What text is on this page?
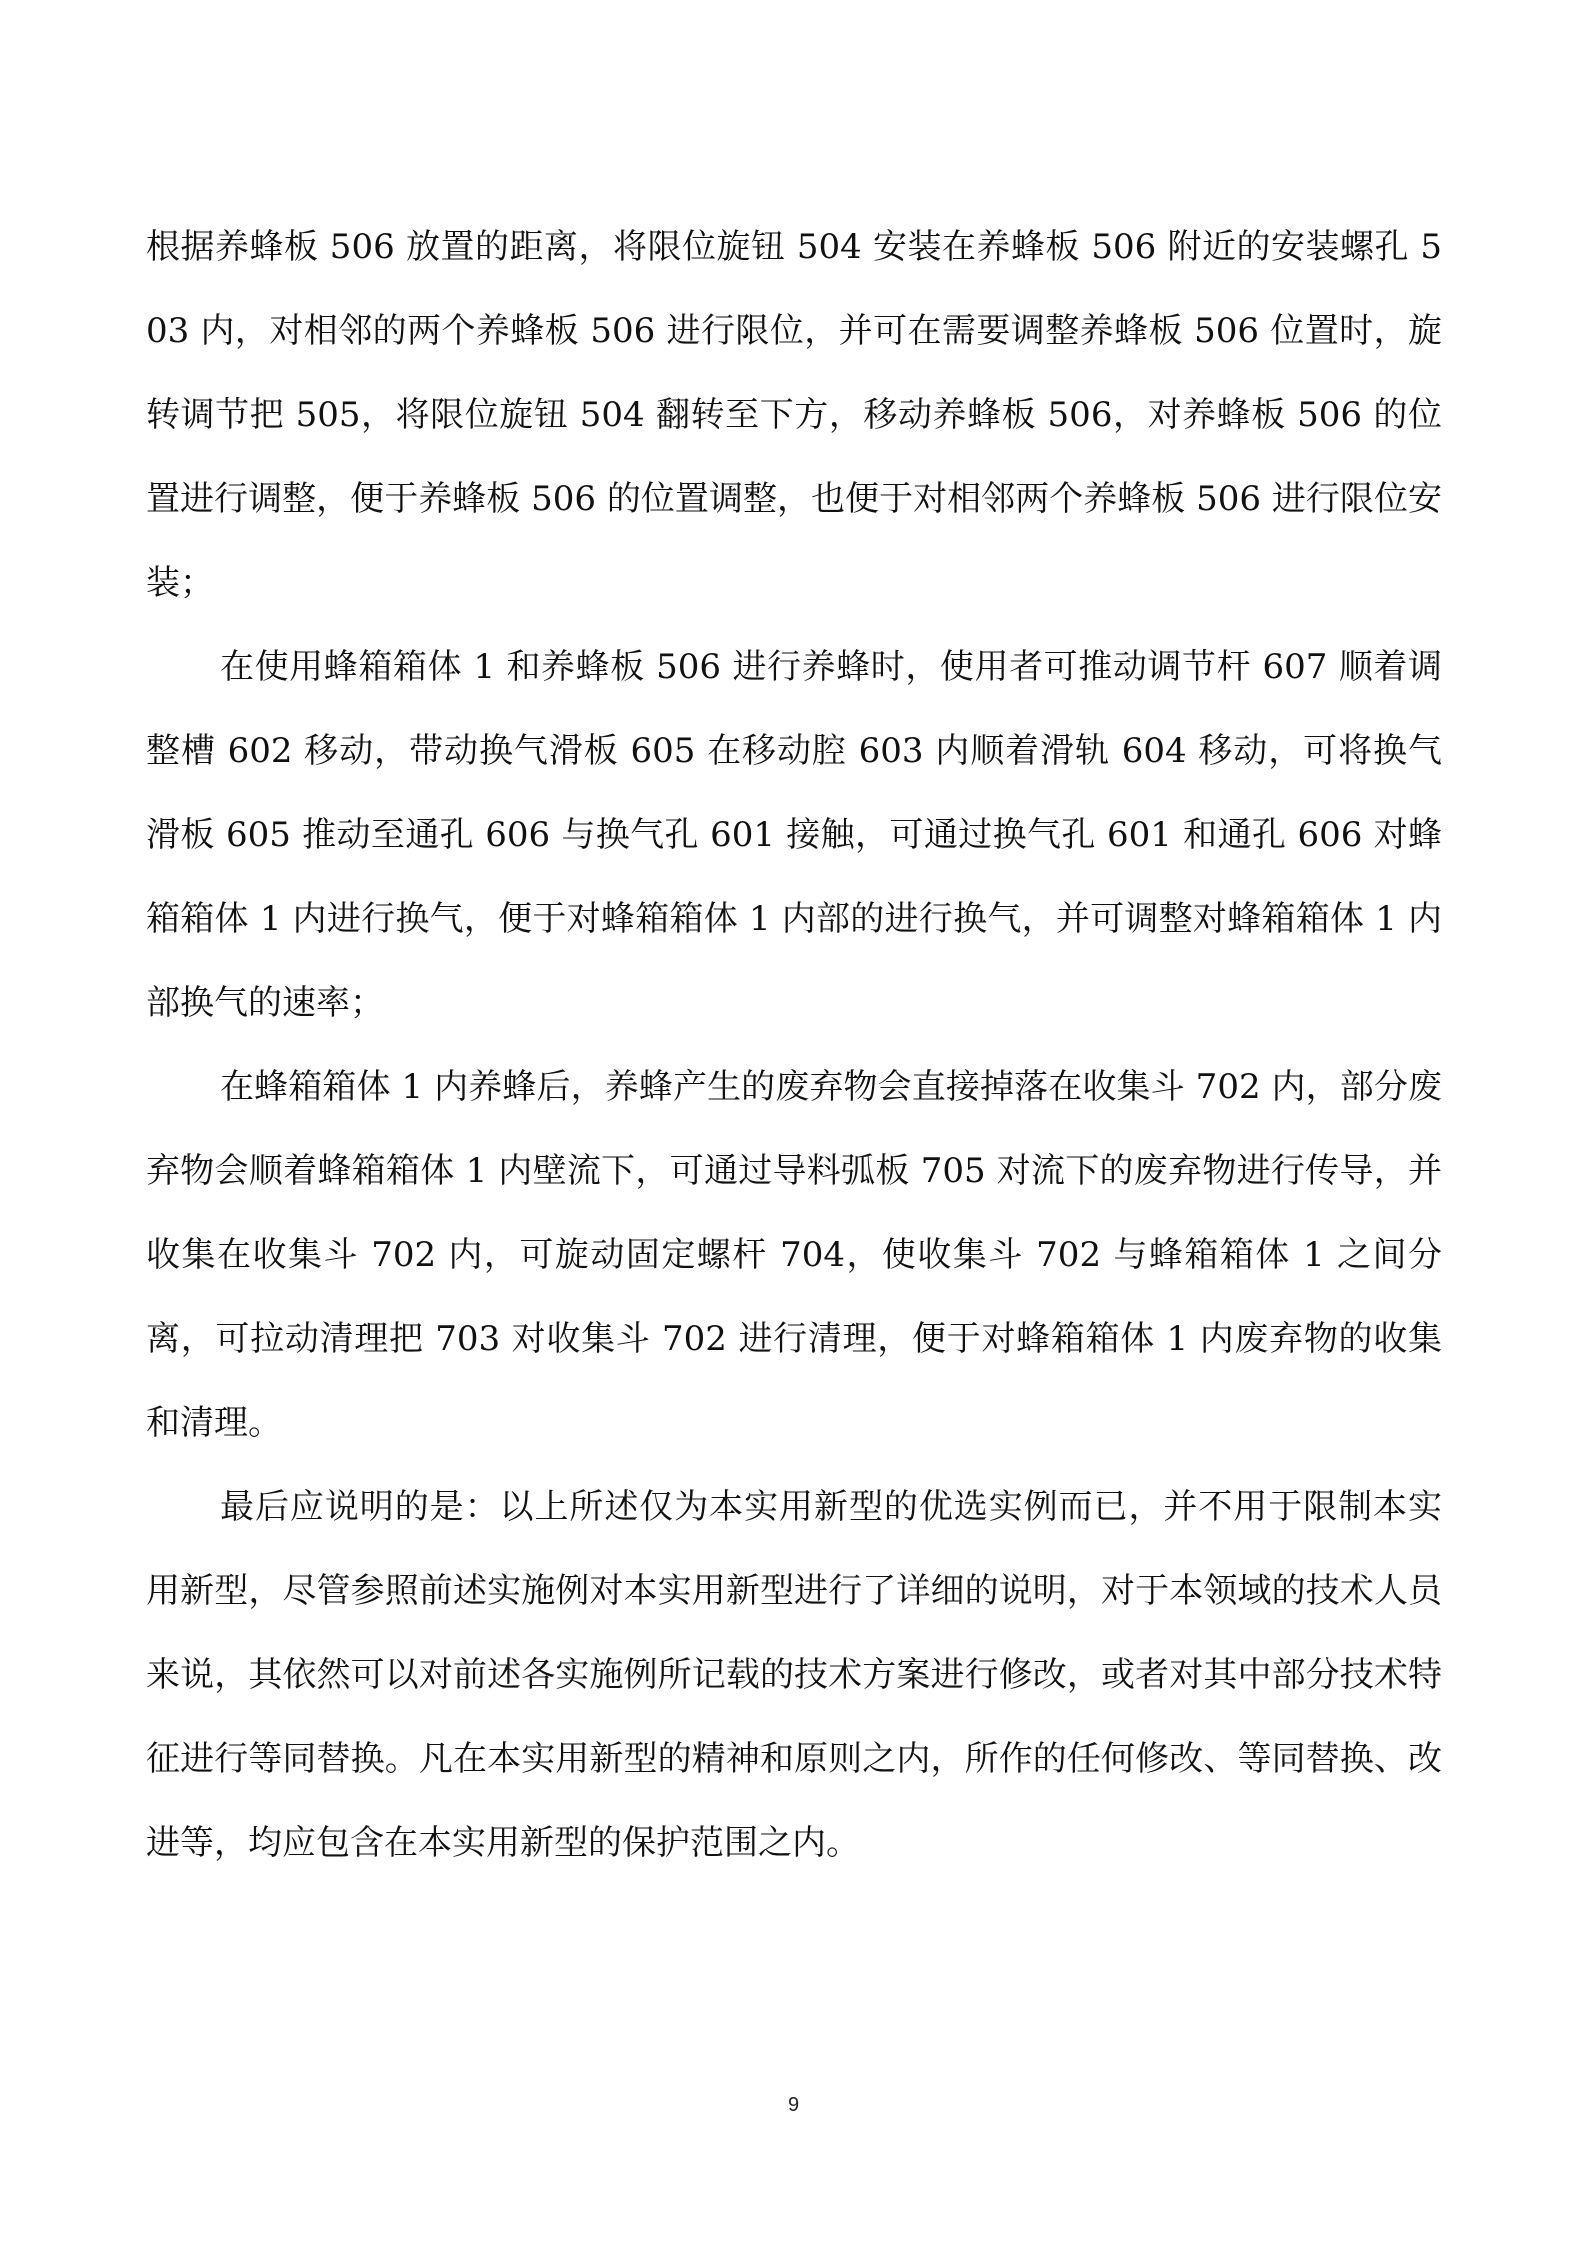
根据养蜂板 506 放置的距离，将限位旋钮 504 安装在养蜂板 506 附近的安装螺孔 503 内，对相邻的两个养蜂板 506 进行限位，并可在需要调整养蜂板 506 位置时，旋转调节把 505，将限位旋钮 504 翻转至下方，移动养蜂板 506，对养蜂板 506 的位置进行调整，便于养蜂板 506 的位置调整，也便于对相邻两个养蜂板 506 进行限位安装；

在使用蜂箱箱体 1 和养蜂板 506 进行养蜂时，使用者可推动调节杆 607 顺着调整槽 602 移动，带动换气滑板 605 在移动腔 603 内顺着滑轨 604 移动，可将换气滑板 605 推动至通孔 606 与换气孔 601 接触，可通过换气孔 601 和通孔 606 对蜂箱箱体 1 内进行换气，便于对蜂箱箱体 1 内部的进行换气，并可调整对蜂箱箱体 1 内部换气的速率；

在蜂箱箱体 1 内养蜂后，养蜂产生的废弃物会直接掉落在收集斗 702 内，部分废弃物会顺着蜂箱箱体 1 内壁流下，可通过导料弧板 705 对流下的废弃物进行传导，并收集在收集斗 702 内，可旋动固定螺杆 704，使收集斗 702 与蜂箱箱体 1 之间分离，可拉动清理把 703 对收集斗 702 进行清理，便于对蜂箱箱体 1 内废弃物的收集和清理。

最后应说明的是：以上所述仅为本实用新型的优选实例而已，并不用于限制本实用新型，尽管参照前述实施例对本实用新型进行了详细的说明，对于本领域的技术人员来说，其依然可以对前述各实施例所记载的技术方案进行修改，或者对其中部分技术特征进行等同替换。凡在本实用新型的精神和原则之内，所作的任何修改、等同替换、改进等，均应包含在本实用新型的保护范围之内。

9
